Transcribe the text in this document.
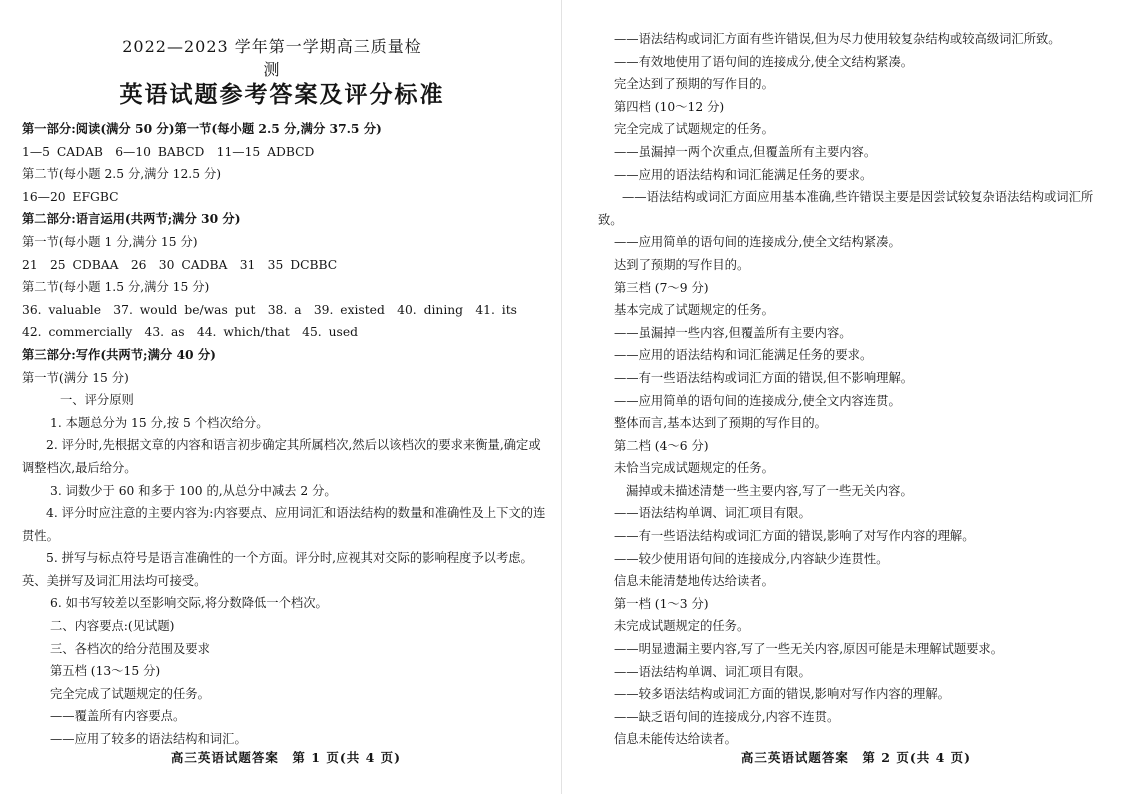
2022—2023 学年第一学期高三质量检测
英语试题参考答案及评分标准
第一部分:阅读(满分 50 分)第一节(每小题 2.5 分,满分 37.5 分)
1—5 CADAB　6—10 BABCD　11—15 ADBCD
第二节(每小题 2.5 分,满分 12.5 分)
16—20 EFGBC
第二部分:语言运用(共两节;满分 30 分)
第一节(每小题 1 分,满分 15 分)
21　25 CDBAA　26　30 CADBA　31　35 DCBBC
第二节(每小题 1.5 分,满分 15 分)
36. valuable　37. would be/was put　38. a　39. existed　40. dining　41. its
42. commercially　43. as　44. which/that　45. used
第三部分:写作(共两节;满分 40 分)
第一节(满分 15 分)
一、评分原则
1. 本题总分为 15 分,按 5 个档次给分。
2. 评分时,先根据文章的内容和语言初步确定其所属档次,然后以该档次的要求来衡量,确定或调整档次,最后给分。
3. 词数少于 60 和多于 100 的,从总分中减去 2 分。
4. 评分时应注意的主要内容为:内容要点、应用词汇和语法结构的数量和准确性及上下文的连贯性。
5. 拼写与标点符号是语言准确性的一个方面。评分时,应视其对交际的影响程度予以考虑。英、美拼写及词汇用法均可接受。
6. 如书写较差以至影响交际,将分数降低一个档次。
二、内容要点:(见试题)
三、各档次的给分范围及要求
第五档 (13～15 分)
完全完成了试题规定的任务。
——覆盖所有内容要点。
——应用了较多的语法结构和词汇。
高三英语试题答案　第 1 页(共 4 页)
——语法结构或词汇方面有些许错误,但为尽力使用较复杂结构或较高级词汇所致。
——有效地使用了语句间的连接成分,使全文结构紧凑。
完全达到了预期的写作目的。
第四档 (10～12 分)
完全完成了试题规定的任务。
——虽漏掉一两个次重点,但覆盖所有主要内容。
——应用的语法结构和词汇能满足任务的要求。
——语法结构或词汇方面应用基本准确,些许错误主要是因尝试较复杂语法结构或词汇所致。
——应用简单的语句间的连接成分,使全文结构紧凑。
达到了预期的写作目的。
第三档 (7～9 分)
基本完成了试题规定的任务。
——虽漏掉一些内容,但覆盖所有主要内容。
——应用的语法结构和词汇能满足任务的要求。
——有一些语法结构或词汇方面的错误,但不影响理解。
——应用简单的语句间的连接成分,使全文内容连贯。
整体而言,基本达到了预期的写作目的。
第二档 (4～6 分)
未恰当完成试题规定的任务。
漏掉或未描述清楚一些主要内容,写了一些无关内容。
——语法结构单调、词汇项目有限。
——有一些语法结构或词汇方面的错误,影响了对写作内容的理解。
——较少使用语句间的连接成分,内容缺少连贯性。
信息未能清楚地传达给读者。
第一档 (1～3 分)
未完成试题规定的任务。
——明显遗漏主要内容,写了一些无关内容,原因可能是未理解试题要求。
——语法结构单调、词汇项目有限。
——较多语法结构或词汇方面的错误,影响对写作内容的理解。
——缺乏语句间的连接成分,内容不连贯。
信息未能传达给读者。
高三英语试题答案　第 2 页(共 4 页)
